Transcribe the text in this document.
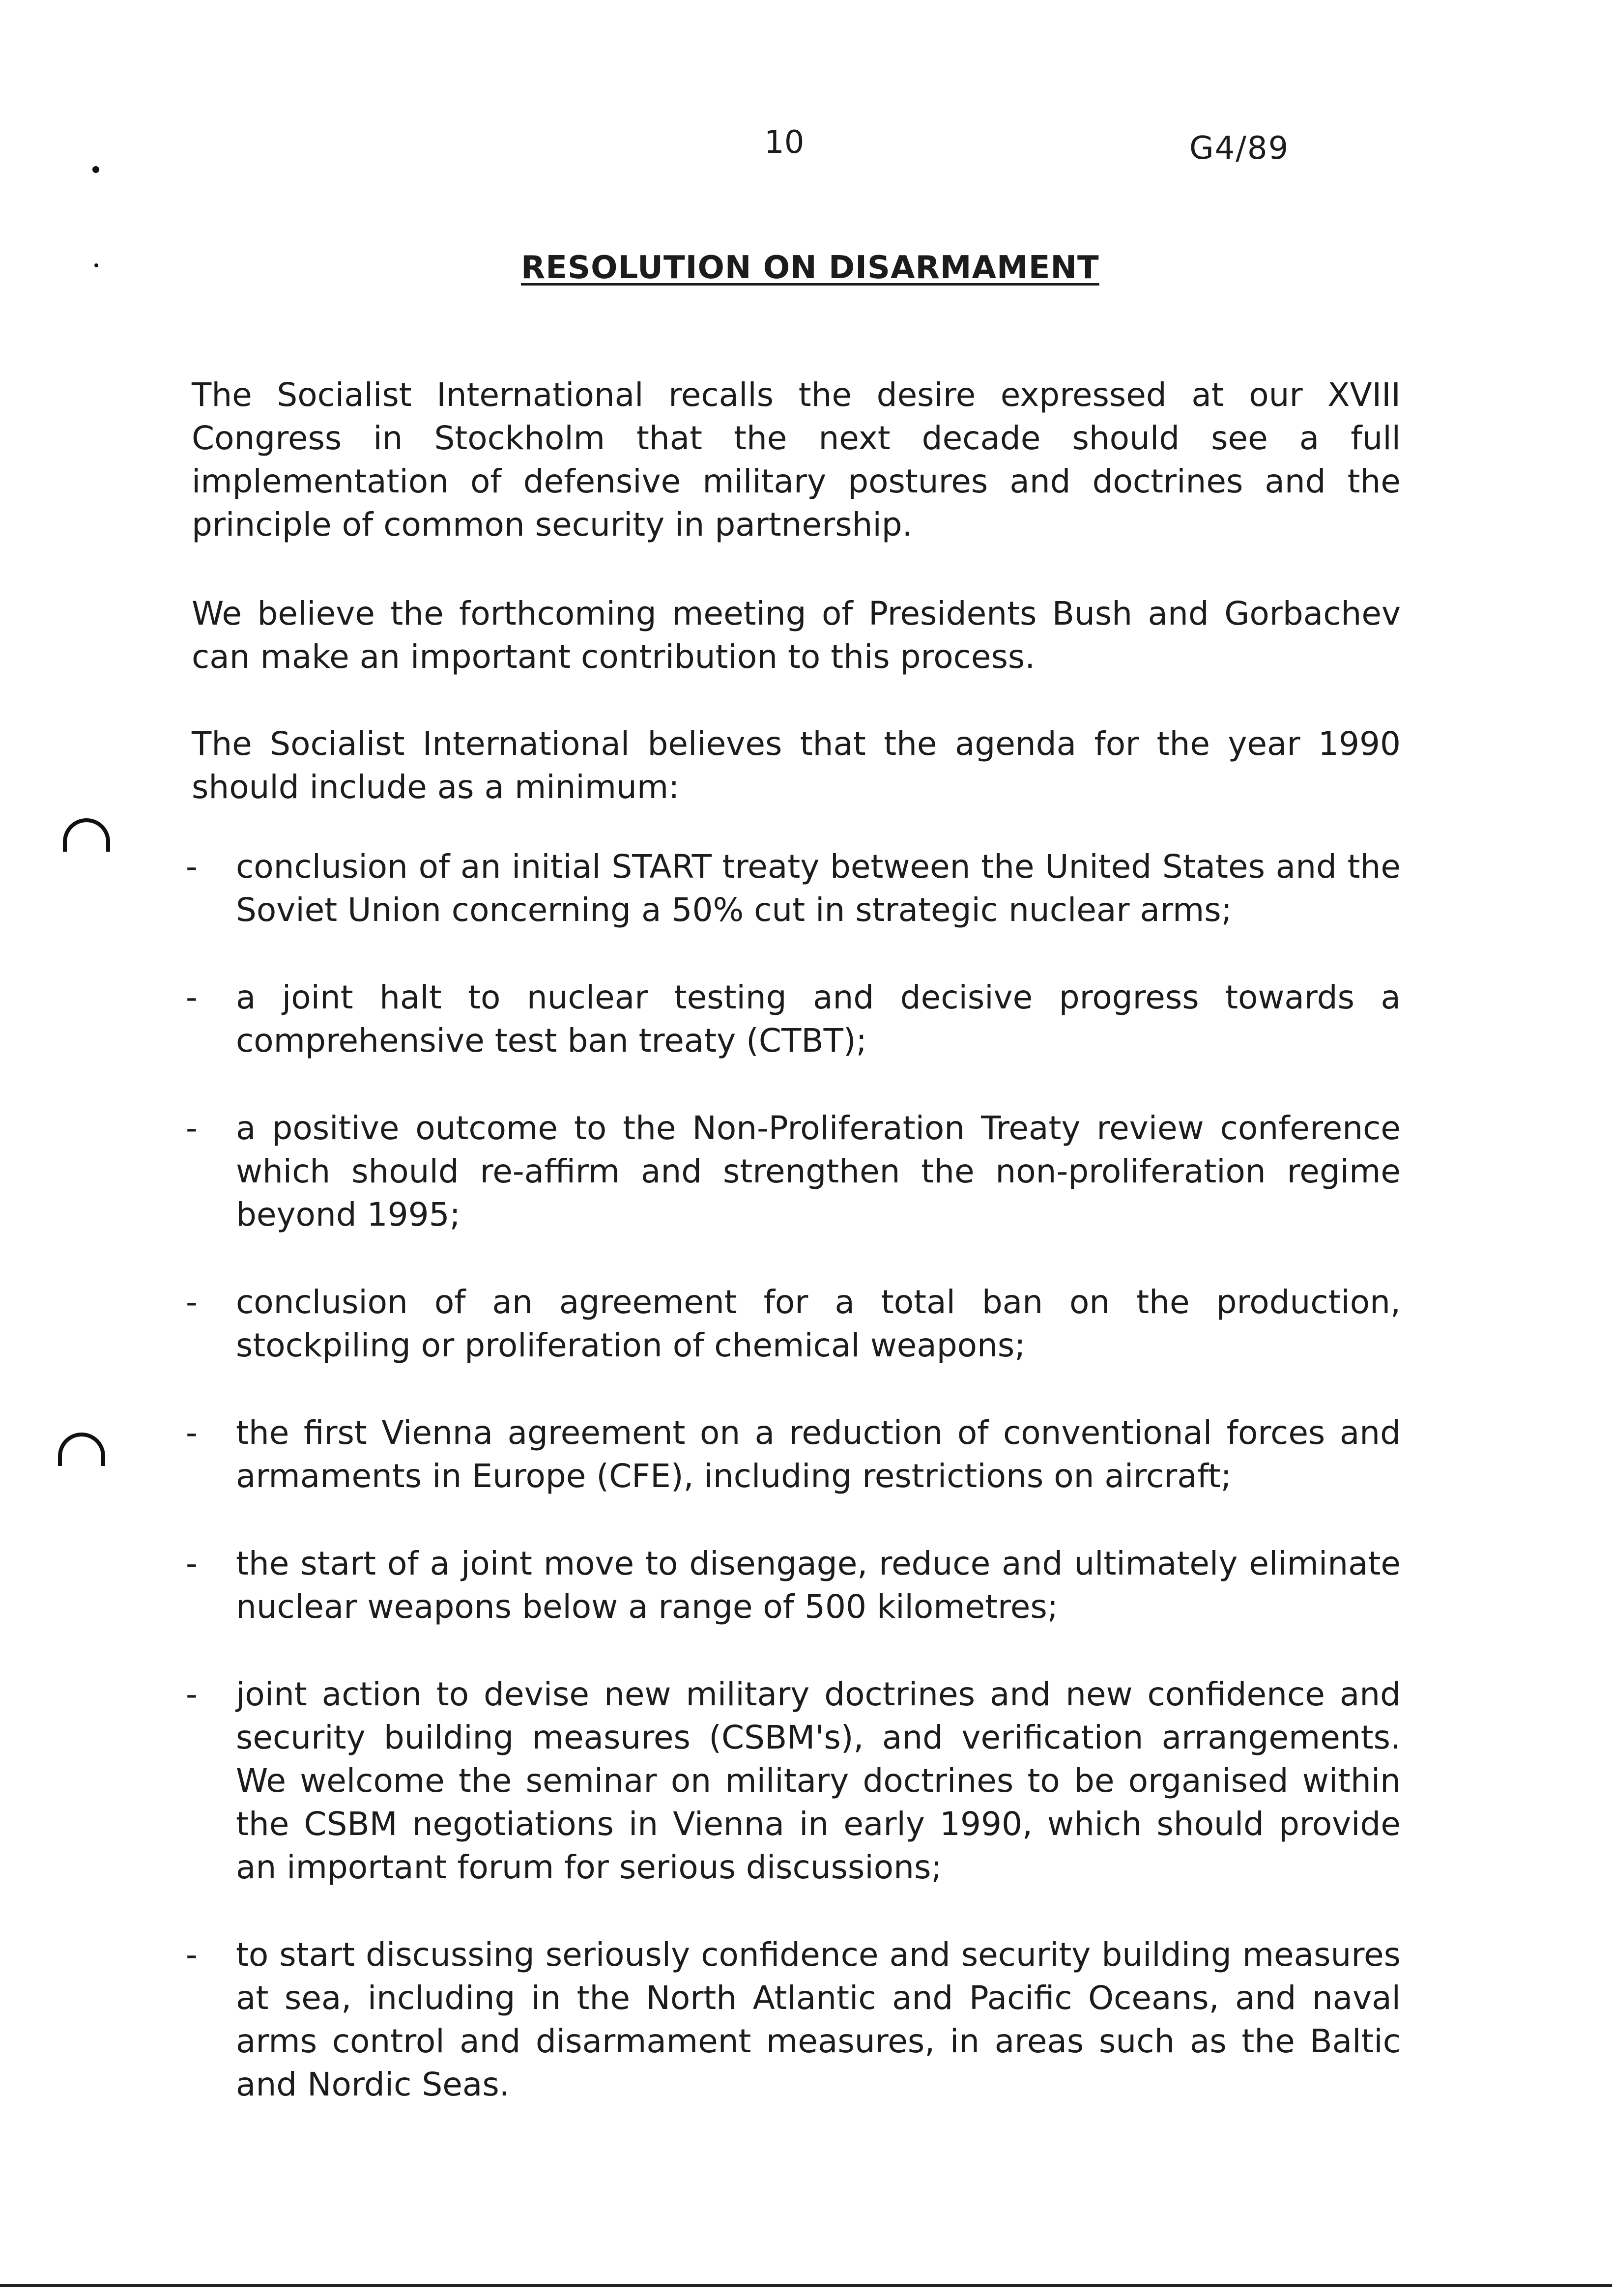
10	G4/89
RESOLUTION ON DISARMAMENT

The Socialist International recalls the desire expressed at our XVIII Congress in Stockholm that the next decade should see a full implementation of defensive military postures and doctrines and the principle of common security in partnership.

We believe the forthcoming meeting of Presidents Bush and Gorbachev can make an important contribution to this process.

The Socialist International believes that the agenda for the year 1990 should include as a minimum:

- conclusion of an initial START treaty between the United States and the Soviet Union concerning a 50% cut in strategic nuclear arms;
- a joint halt to nuclear testing and decisive progress towards a comprehensive test ban treaty (CTBT);
- a positive outcome to the Non-Proliferation Treaty review conference which should re-affirm and strengthen the non-proliferation regime beyond 1995;
- conclusion of an agreement for a total ban on the production, stockpiling or proliferation of chemical weapons;
- the first Vienna agreement on a reduction of conventional forces and armaments in Europe (CFE), including restrictions on aircraft;
- the start of a joint move to disengage, reduce and ultimately eliminate nuclear weapons below a range of 500 kilometres;
- joint action to devise new military doctrines and new confidence and security building measures (CSBM's), and verification arrangements. We welcome the seminar on military doctrines to be organised within the CSBM negotiations in Vienna in early 1990, which should provide an important forum for serious discussions;
- to start discussing seriously confidence and security building measures at sea, including in the North Atlantic and Pacific Oceans, and naval arms control and disarmament measures, in areas such as the Baltic and Nordic Seas.
